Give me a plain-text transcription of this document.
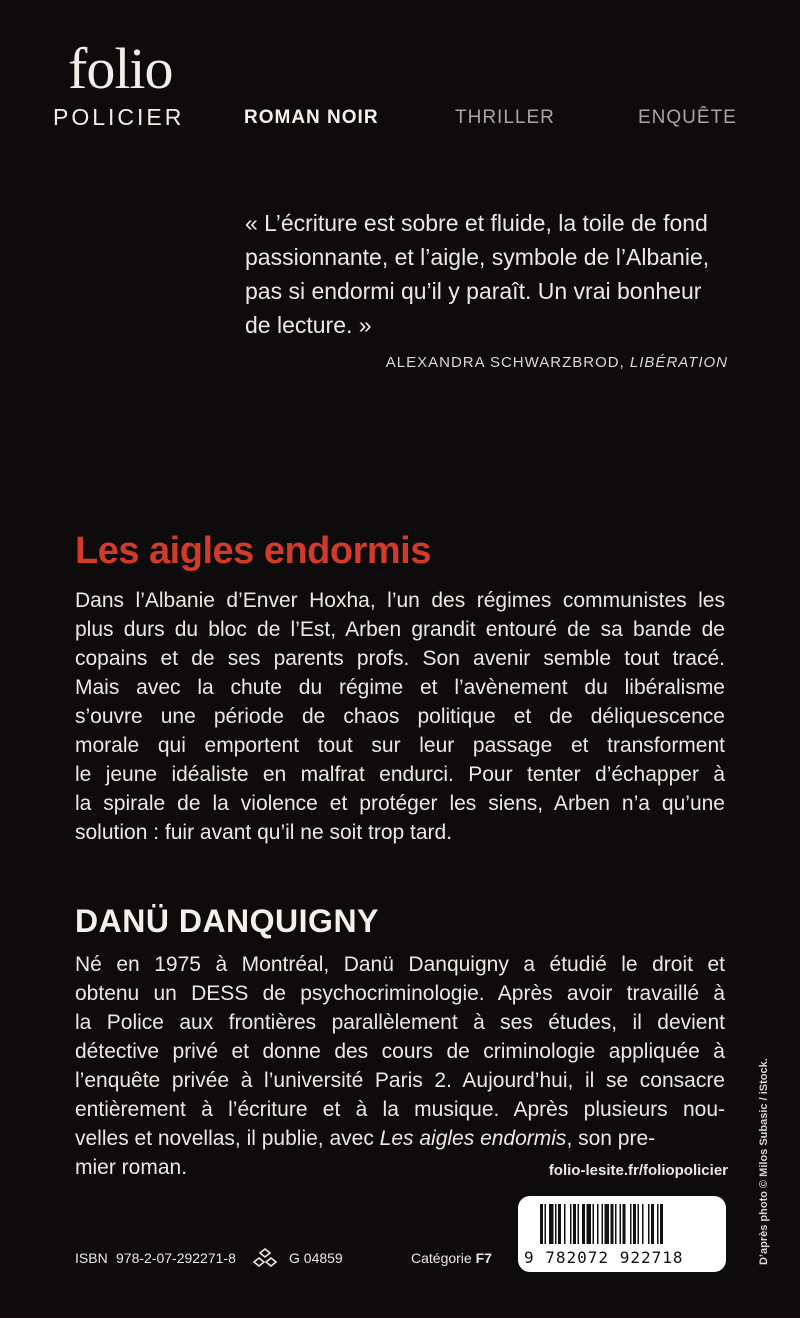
folio
POLICIER	ROMAN NOIR	THRILLER	ENQUÊTE
« L’écriture est sobre et fluide, la toile de fond
passionnante, et l’aigle, symbole de l’Albanie,
pas si endormi qu’il y paraît. Un vrai bonheur
de lecture. »
ALEXANDRA SCHWARZBROD, LIBÉRATION
Les aigles endormis
Dans l’Albanie d’Enver Hoxha, l’un des régimes communistes les
plus durs du bloc de l’Est, Arben grandit entouré de sa bande de
copains et de ses parents profs. Son avenir semble tout tracé.
Mais avec la chute du régime et l’avènement du libéralisme
s’ouvre une période de chaos politique et de déliquescence
morale qui emportent tout sur leur passage et transforment
le jeune idéaliste en malfrat endurci. Pour tenter d’échapper à
la spirale de la violence et protéger les siens, Arben n’a qu’une
solution : fuir avant qu’il ne soit trop tard.
DANÜ DANQUIGNY
Né en 1975 à Montréal, Danü Danquigny a étudié le droit et
obtenu un DESS de psychocriminologie. Après avoir travaillé à
la Police aux frontières parallèlement à ses études, il devient
détective privé et donne des cours de criminologie appliquée à
l’enquête privée à l’université Paris 2. Aujourd’hui, il se consacre
entièrement à l’écriture et à la musique. Après plusieurs nou-
velles et novellas, il publie, avec Les aigles endormis, son pre-
mier roman.	folio-lesite.fr/foliopolicier	D’après photo © Milos Subasic / iStock.
9 782072 922718
ISBN 978-2-07-292271-8	G 04859	Catégorie F7
